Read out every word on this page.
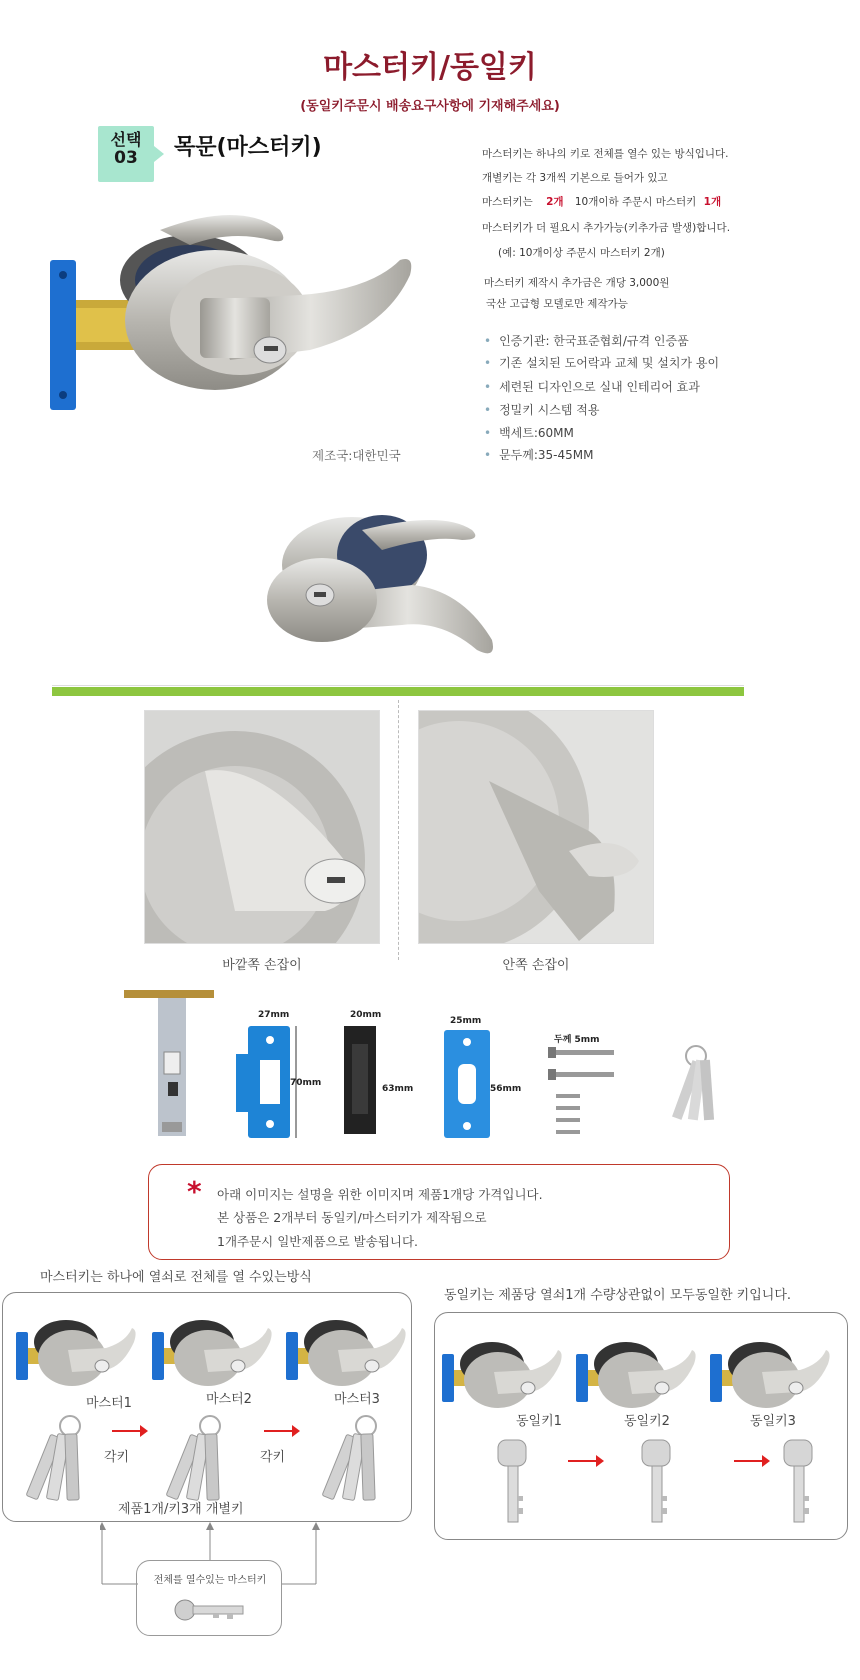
마스터키/동일키
(동일키주문시 배송요구사항에 기재해주세요)
선택
03	목문(마스터키)	마스터키는 하나의 키로 전체를 열수 있는 방식입니다.
개별키는 각 3개씩 기본으로 들어가 있고
마스터키는 2개 10개이하 주문시 마스터키 1개
마스터키가 더 필요시 추가가능(키추가금 발생)합니다.
(예: 10개이상 주문시 마스터키 2개)
마스터키 제작시 추가금은 개당 3,000원
국산 고급형 모델로만 제작가능
• 인증기관: 한국표준협회/규격 인증품
• 기존 설치된 도어락과 교체 및 설치가 용이
• 세련된 디자인으로 실내 인테리어 효과
• 정밀키 시스템 적용
• 백세트:60MM
• 문두께:35-45MM
제조국:대한민국
바깥쪽 손잡이	안쪽 손잡이
27mm
70mm
20mm
63mm
25mm
56mm
두께 5mm
* 아래 이미지는 설명을 위한 이미지며 제품1개당 가격입니다.
본 상품은 2개부터 동일키/마스터키가 제작됨으로
1개주문시 일반제품으로 발송됩니다.
마스터키는 하나에 열쇠로 전체를 열 수있는방식
마스터1	마스터2	마스터3
각키	각키
제품1개/키3개 개별키
전체를 열수있는 마스터키
동일키는 제품당 열쇠1개 수량상관없이 모두동일한 키입니다.
동일키1	동일키2	동일키3
